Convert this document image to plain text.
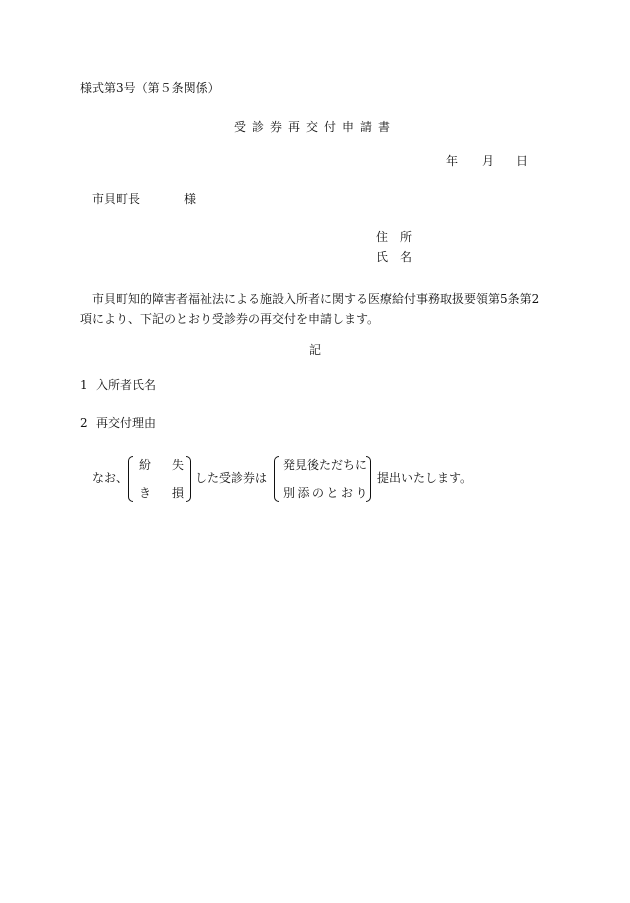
様式第3号（第５条関係）
受診券再交付申請書
年 月 日
市貝町長	様
住所
氏名
市貝町知的障害者福祉法による施設入所者に関する医療給付事務取扱要領第5条第2項により、下記のとおり受診券の再交付を申請します。
記
1 入所者氏名
2 再交付理由
なお、
紛 失
き 損
した受診券は
発見後ただちに
別添のとおり
提出いたします。
